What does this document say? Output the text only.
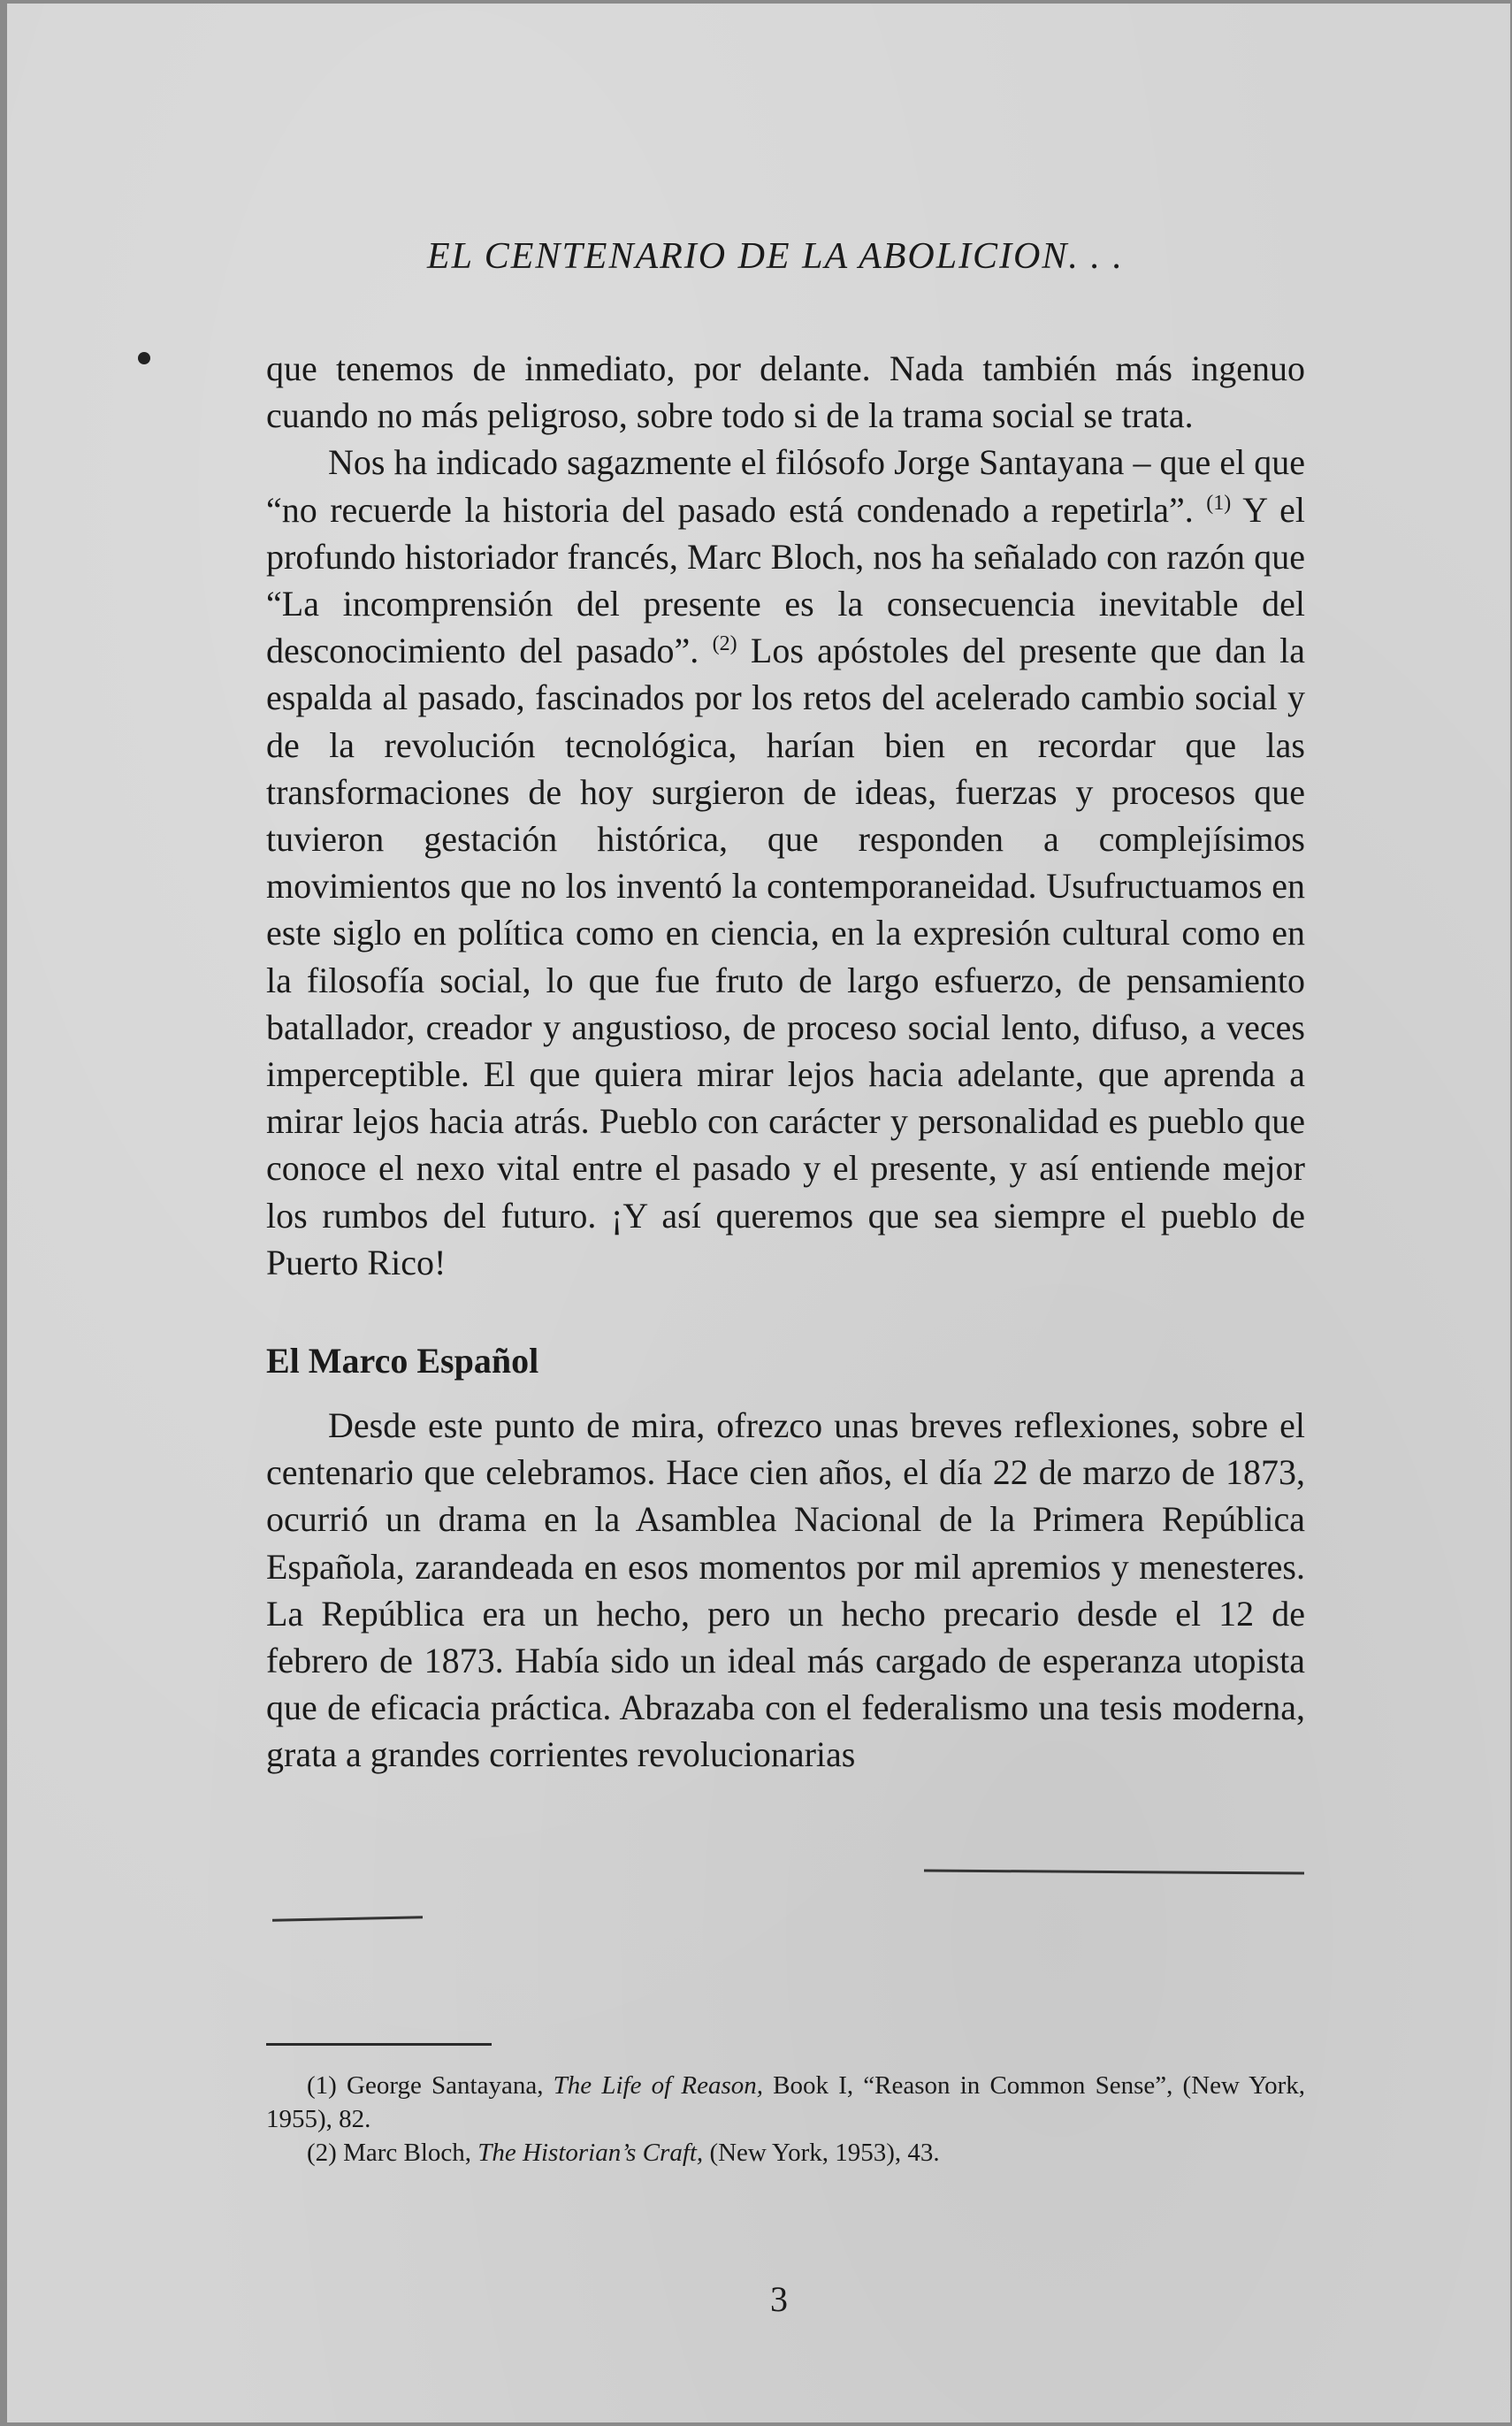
EL CENTENARIO DE LA ABOLICION. . .

que tenemos de inmediato, por delante. Nada también más ingenuo cuando no más peligroso, sobre todo si de la trama social se trata.

Nos ha indicado sagazmente el filósofo Jorge Santayana – que el que “no recuerde la historia del pasado está condenado a repetirla”. $^{(1)}$ Y el profundo historiador francés, Marc Bloch, nos ha señalado con razón que “La incomprensión del presente es la consecuencia inevitable del desconocimiento del pasado”. $^{(2)}$ Los apóstoles del presente que dan la espalda al pasado, fascinados por los retos del acelerado cambio social y de la revolución tecnológica, harían bien en recordar que las transformaciones de hoy surgieron de ideas, fuerzas y procesos que tuvieron gestación histórica, que responden a complejísimos movimientos que no los inventó la contemporaneidad. Usufructuamos en este siglo en política como en ciencia, en la expresión cultural como en la filosofía social, lo que fue fruto de largo esfuerzo, de pensamiento batallador, creador y angustioso, de proceso social lento, difuso, a veces imperceptible. El que quiera mirar lejos hacia adelante, que aprenda a mirar lejos hacia atrás. Pueblo con carácter y personalidad es pueblo que conoce el nexo vital entre el pasado y el presente, y así entiende mejor los rumbos del futuro. ¡Y así queremos que sea siempre el pueblo de Puerto Rico!

El Marco Español

Desde este punto de mira, ofrezco unas breves reflexiones, sobre el centenario que celebramos. Hace cien años, el día 22 de marzo de 1873, ocurrió un drama en la Asamblea Nacional de la Primera República Española, zarandeada en esos momentos por mil apremios y menesteres. La República era un hecho, pero un hecho precario desde el 12 de febrero de 1873. Había sido un ideal más cargado de esperanza utopista que de eficacia práctica. Abrazaba con el federalismo una tesis moderna, grata a grandes corrientes revolucionarias

(1) George Santayana, The Life of Reason, Book I, “Reason in Common Sense”, (New York, 1955), 82.

(2) Marc Bloch, The Historian’s Craft, (New York, 1953), 43.

3
